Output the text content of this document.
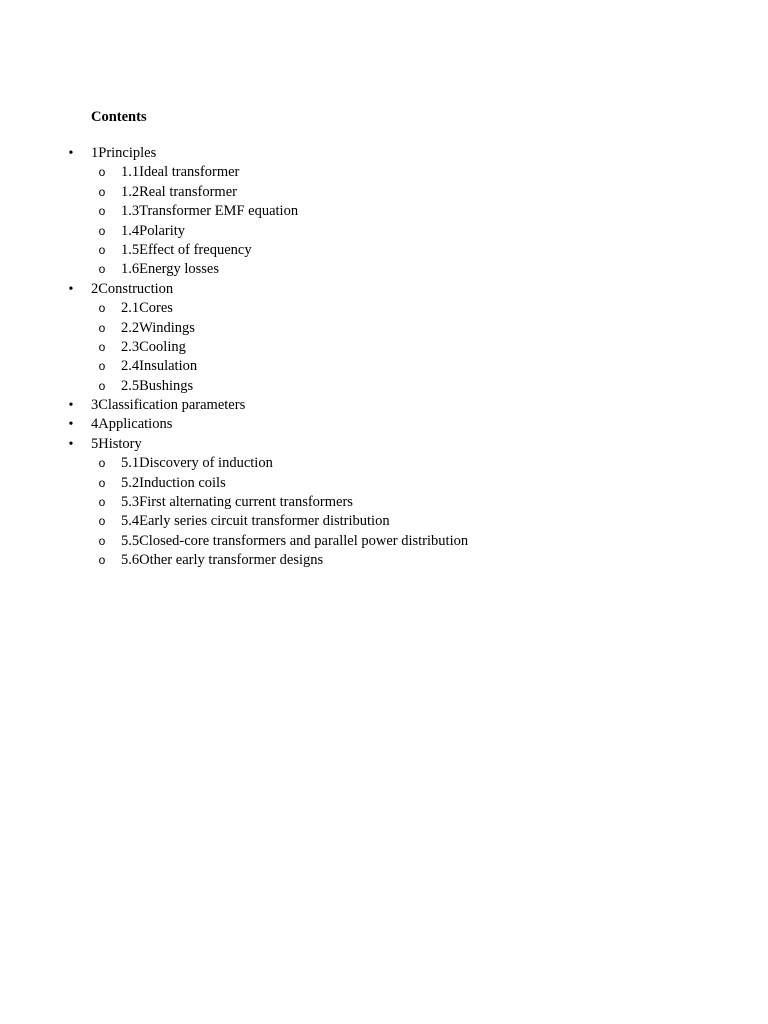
Contents
• 1Principles
o 1.1Ideal transformer
o 1.2Real transformer
o 1.3Transformer EMF equation
o 1.4Polarity
o 1.5Effect of frequency
o 1.6Energy losses
• 2Construction
o 2.1Cores
o 2.2Windings
o 2.3Cooling
o 2.4Insulation
o 2.5Bushings
• 3Classification parameters
• 4Applications
• 5History
o 5.1Discovery of induction
o 5.2Induction coils
o 5.3First alternating current transformers
o 5.4Early series circuit transformer distribution
o 5.5Closed-core transformers and parallel power distribution
o 5.6Other early transformer designs
